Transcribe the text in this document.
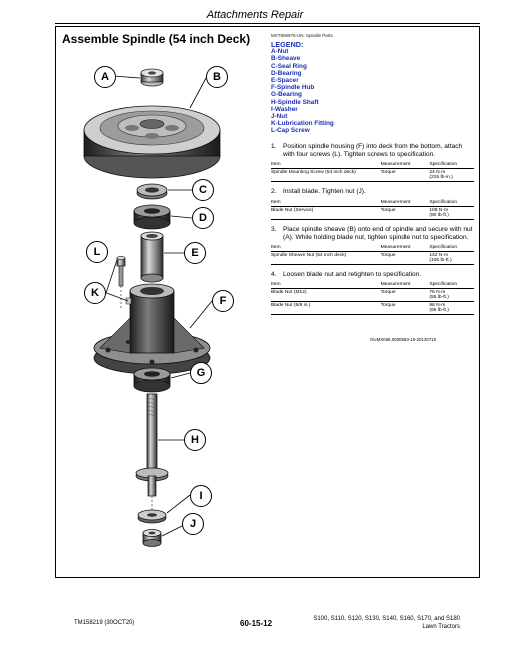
Attachments Repair
Assemble Spindle (54 inch Deck)
A	B
C
D
E
F
G
H
I
J
K
L
MXT805975-UN: Spindle Parts
LEGEND:
A-Nut
B-Sheave
C-Seal Ring
D-Bearing
E-Spacer
F-Spindle Hub
G-Bearing
H-Spindle Shaft
I-Washer
J-Nut
K-Lubrication Fitting
L-Cap Screw
1. Position spindle housing (F) into deck from the bottom, attach with four screws (L). Tighten screws to specification.
Item	Measurement	Specification
Spindle Mounting Screw (54 inch deck)	Torque	24 N·m
(215 lb-in.)
2. Install blade. Tighten nut (J).
Item	Measurement	Specification
Blade Nut (Service)	Torque	108 N·m
(80 lb-ft.)
3. Place spindle sheave (B) onto end of spindle and secure with nut (A). While holding blade nut, tighten spindle nut to specification.
Item	Measurement	Specification
Spindle Sheave Nut (54 inch deck)	Torque	142 N·m
(105 lb-ft.)
4. Loosen blade nut and retighten to specification.
Item	Measurement	Specification
Blade Nut (M12)	Torque	75 N·m
(55 lb-ft.)
Blade Nut (5/8 in.)	Torque	88 N·m
(65 lb-ft.)
OUMX068,0000583-19-20120710
TM158219 (30OCT20)	60-15-12	S100, S110, S120, S130, S140, S160, S170, and S180
Lawn Tractors
